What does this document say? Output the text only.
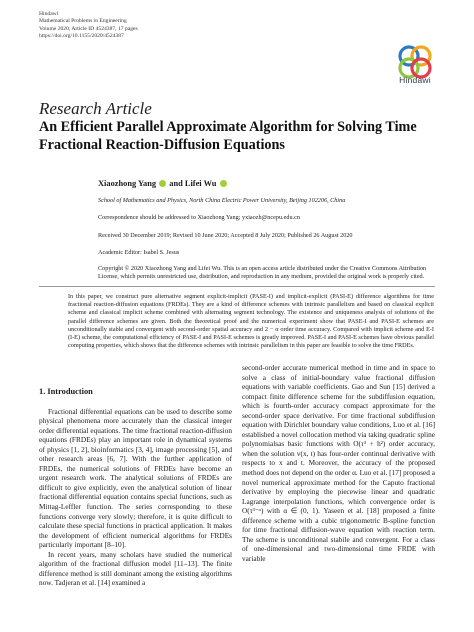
Hindawi
Mathematical Problems in Engineering
Volume 2020, Article ID 4524387, 17 pages
https://doi.org/10.1155/2020/4524387
Hindawi
Research Article
An Efficient Parallel Approximate Algorithm for Solving Time Fractional Reaction-Diffusion Equations
Xiaozhong Yang  and Lifei Wu
School of Mathematics and Physics, North China Electric Power University, Beijing 102206, China
Correspondence should be addressed to Xiaozhong Yang; yxiaozh@ncepu.edu.cn
Received 30 December 2019; Revised 10 June 2020; Accepted 8 July 2020; Published 26 August 2020
Academic Editor: Isabel S. Jesus
Copyright © 2020 Xiaozhong Yang and Lifei Wu. This is an open access article distributed under the Creative Commons Attribution License, which permits unrestricted use, distribution, and reproduction in any medium, provided the original work is properly cited.
In this paper, we construct pure alternative segment explicit-implicit (PASE-I) and implicit-explicit (PASI-E) difference algorithms for time fractional reaction-diffusion equations (FRDEs). They are a kind of difference schemes with intrinsic parallelism and based on classical explicit scheme and classical implicit scheme combined with alternating segment technology. The existence and uniqueness analysis of solutions of the parallel difference schemes are given. Both the theoretical proof and the numerical experiment show that PASE-I and PASI-E schemes are unconditionally stable and convergent with second-order spatial accuracy and 2 − α order time accuracy. Compared with implicit scheme and E-I (I-E) scheme, the computational efficiency of PASE-I and PASI-E schemes is greatly improved. PASE-I and PASI-E schemes have obvious parallel computing properties, which shows that the difference schemes with intrinsic parallelism in this paper are feasible to solve the time FRDEs.
1. Introduction

Fractional differential equations can be used to describe some physical phenomena more accurately than the classical integer order differential equations. The time fractional reaction-diffusion equations (FRDEs) play an important role in dynamical systems of physics [1, 2], bioinformatics [3, 4], image processing [5], and other research areas [6, 7]. With the further application of FRDEs, the numerical solutions of FRDEs have become an urgent research work. The analytical solutions of FRDEs are difficult to give explicitly, even the analytical solution of linear fractional differential equation contains special functions, such as Mittag-Leffler function. The series corresponding to these functions converge very slowly; therefore, it is quite difficult to calculate these special functions in practical application. It makes the development of efficient numerical algorithms for FRDEs particularly important [8–10].

In recent years, many scholars have studied the numerical algorithm of the fractional diffusion model [11–13]. The finite difference method is still dominant among the existing algorithms now. Tadjeran et al. [14] examined a

second-order accurate numerical method in time and in space to solve a class of initial-boundary value fractional diffusion equations with variable coefficients. Gao and Sun [15] derived a compact finite difference scheme for the subdiffusion equation, which is fourth-order accuracy compact approximate for the second-order space derivative. For time fractional subdiffusion equation with Dirichlet boundary value conditions, Luo et al. [16] established a novel collocation method via taking quadratic spline polynomialsas basic functions with O(τ³ + h²) order accuracy, when the solution v(x, t) has four-order continual derivative with respects to x and t. Moreover, the accuracy of the proposed method does not depend on the order α. Luo et al. [17] proposed a novel numerical approximate method for the Caputo fractional derivative by employing the piecewise linear and quadratic Lagrange interpolation functions, which convergence order is O(τ³⁻ᵅ) with α ∈ (0, 1). Yaseen et al. [18] proposed a finite difference scheme with a cubic trigonometric B-spline function for time fractional diffusion-wave equation with reaction term. The scheme is unconditional stabile and convergent. For a class of one-dimensional and two-dimensional time FRDE with variable
